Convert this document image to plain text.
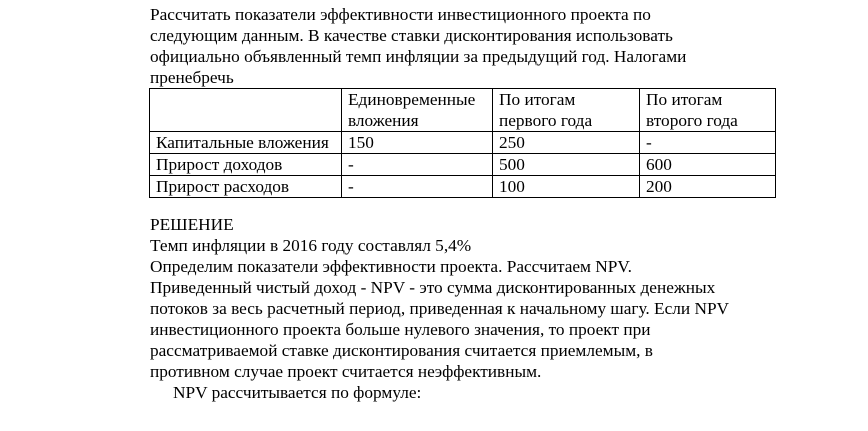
Рассчитать показатели эффективности инвестиционного проекта по
следующим данным. В качестве ставки дисконтирования использовать
официально объявленный темп инфляции за предыдущий год. Налогами
пренебречь
	Единовременные вложения	По итогам первого года	По итогам второго года
Капитальные вложения	150	250	-
Прирост доходов	-	500	600
Прирост расходов	-	100	200
РЕШЕНИЕ
Темп инфляции в 2016 году составлял 5,4%
Определим показатели эффективности проекта. Рассчитаем NPV.
Приведенный чистый доход - NPV - это сумма дисконтированных денежных
потоков за весь расчетный период, приведенная к начальному шагу. Если NPV
инвестиционного проекта больше нулевого значения, то проект при
рассматриваемой ставке дисконтирования считается приемлемым, в
противном случае проект считается неэффективным.
NPV рассчитывается по формуле:
